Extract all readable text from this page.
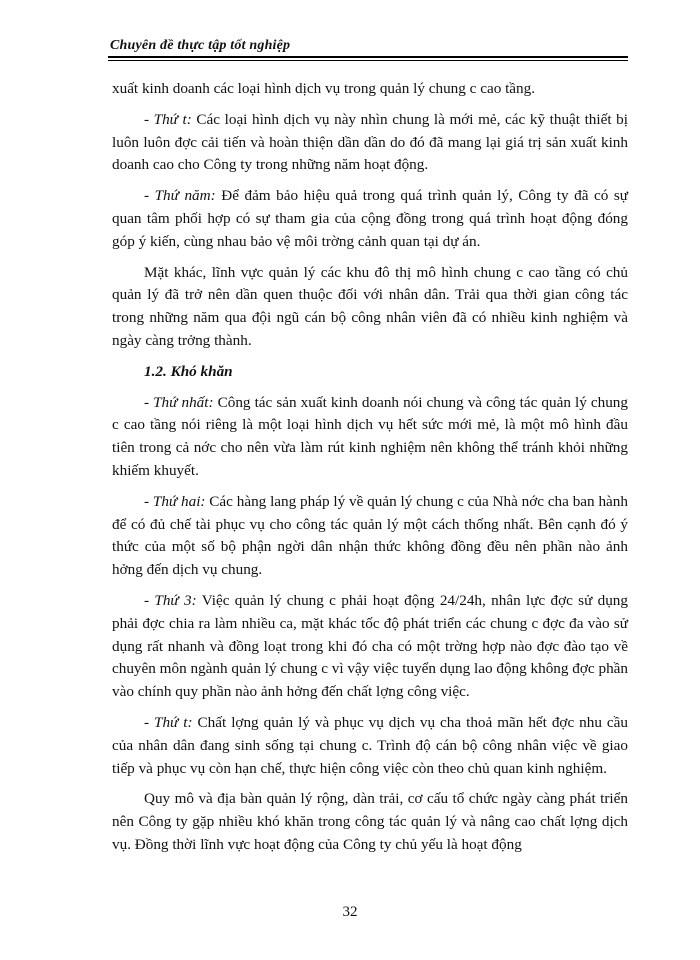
Chuyên đề thực tập tốt nghiệp

xuất kinh doanh các loại hình dịch vụ trong quản lý chung c cao tầng.

- Thứ t: Các loại hình dịch vụ này nhìn chung là mới mẻ, các kỹ thuật thiết bị luôn luôn đợc cải tiến và hoàn thiện dần dần do đó đã mang lại giá trị sản xuất kinh doanh cao cho Công ty trong những năm hoạt động.

- Thứ năm: Để đảm bảo hiệu quả trong quá trình quản lý, Công ty đã có sự quan tâm phối hợp có sự tham gia của cộng đồng trong quá trình hoạt động đóng góp ý kiến, cùng nhau bảo vệ môi trờng cảnh quan tại dự án.

Mặt khác, lĩnh vực quản lý các khu đô thị mô hình chung c cao tầng có chủ quản lý đã trở nên dần quen thuộc đối với nhân dân. Trải qua thời gian công tác trong những năm qua đội ngũ cán bộ công nhân viên đã có nhiều kinh nghiệm và ngày càng trởng thành.

1.2. Khó khăn

- Thứ nhất: Công tác sản xuất kinh doanh nói chung và công tác quản lý chung c cao tầng nói riêng là một loại hình dịch vụ hết sức mới mẻ, là một mô hình đầu tiên trong cả nớc cho nên vừa làm rút kinh nghiệm nên không thể tránh khỏi những khiếm khuyết.

- Thứ hai: Các hàng lang pháp lý về quản lý chung c của Nhà nớc cha ban hành để có đủ chế tài phục vụ cho công tác quản lý một cách thống nhất. Bên cạnh đó ý thức của một số bộ phận ngời dân nhận thức không đồng đều nên phần nào ảnh hởng đến dịch vụ chung.

- Thứ 3: Việc quản lý chung c phải hoạt động 24/24h, nhân lực đợc sử dụng phải đợc chia ra làm nhiều ca, mặt khác tốc độ phát triển các chung c đợc đa vào sử dụng rất nhanh và đồng loạt trong khi đó cha có một trờng hợp nào đợc đào tạo về chuyên môn ngành quản lý chung c vì vậy việc tuyển dụng lao động không đợc phần vào chính quy phần nào ảnh hởng đến chất lợng công việc.

- Thứ t: Chất lợng quản lý và phục vụ dịch vụ cha thoả mãn hết đợc nhu cầu của nhân dân đang sinh sống tại chung c. Trình độ cán bộ công nhân việc về giao tiếp và phục vụ còn hạn chế, thực hiện công việc còn theo chủ quan kinh nghiệm.

Quy mô và địa bàn quản lý rộng, dàn trải, cơ cấu tổ chức ngày càng phát triển nên Công ty gặp nhiều khó khăn trong công tác quản lý và nâng cao chất lợng dịch vụ. Đồng thời lĩnh vực hoạt động của Công ty chủ yếu là hoạt động

32
